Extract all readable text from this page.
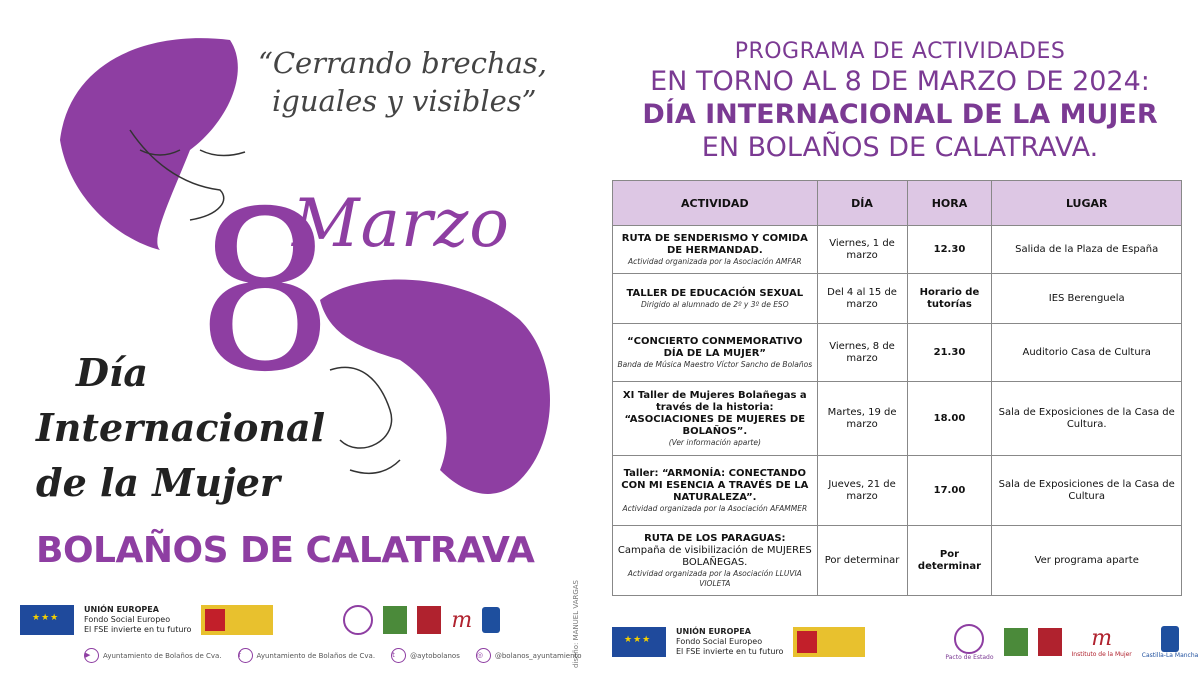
“Cerrando brechas,
iguales y visibles”
8
Marzo
Día
Internacional
de la Mujer
BOLAÑOS DE CALATRAVA
diseño: MANUEL VARGAS
★★★
UNIÓN EUROPEA
Fondo Social Europeo
El FSE invierte en tu futuro	m
▶	Ayuntamiento de Bolaños de Cva. f	Ayuntamiento de Bolaños de Cva. t	@aytobolanos ◎	@bolanos_ayuntamiento
PROGRAMA DE ACTIVIDADES
EN TORNO AL 8 DE MARZO DE 2024:
DÍA INTERNACIONAL DE LA MUJER
EN BOLAÑOS DE CALATRAVA.
ACTIVIDAD	DÍA	HORA	LUGAR

RUTA DE SENDERISMO Y COMIDA DE HERMANDAD.
Actividad organizada por la Asociación AMFAR	Viernes, 1 de marzo	12.30	Salida de la Plaza de España

TALLER DE EDUCACIÓN SEXUAL
Dirigido al alumnado de 2º y 3º de ESO	Del 4 al 15 de marzo	Horario de tutorías	IES Berenguela

“CONCIERTO CONMEMORATIVO DÍA DE LA MUJER”
Banda de Música Maestro Víctor Sancho de Bolaños	Viernes, 8 de marzo	21.30	Auditorio Casa de Cultura

XI Taller de Mujeres Bolañegas a través de la historia: “ASOCIACIONES DE MUJERES DE BOLAÑOS”.
(Ver información aparte)	Martes, 19 de marzo	18.00	Sala de Exposiciones de la Casa de Cultura.

Taller: “ARMONÍA: CONECTANDO CON MI ESENCIA A TRAVÉS DE LA NATURALEZA”.
Actividad organizada por la Asociación AFAMMER	Jueves, 21 de marzo	17.00	Sala de Exposiciones de la Casa de Cultura

RUTA DE LOS PARAGUAS:
Campaña de visibilización de MUJERES BOLAÑEGAS.
Actividad organizada por la Asociación LLUVIA VIOLETA	Por determinar	Por determinar	Ver programa aparte
★★★
UNIÓN EUROPEA
Fondo Social Europeo
El FSE invierte en tu futuro
Pacto de Estado
m
Instituto de la Mujer Castilla-La Mancha
